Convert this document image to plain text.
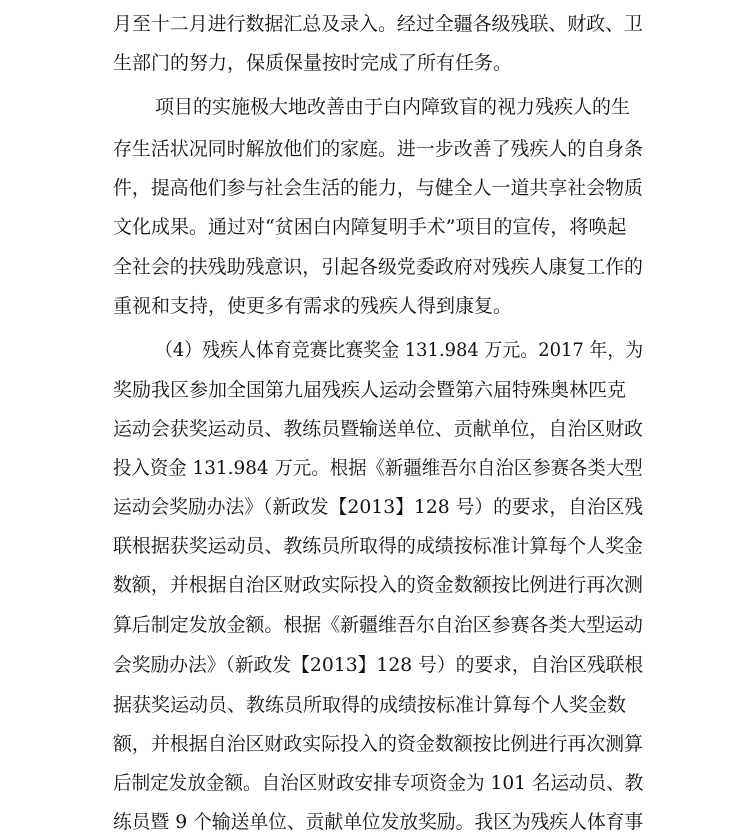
月至十二月进行数据汇总及录入。经过全疆各级残联、财政、卫
生部门的努力，保质保量按时完成了所有任务。
项目的实施极大地改善由于白内障致盲的视力残疾人的生
存生活状况同时解放他们的家庭。进一步改善了残疾人的自身条
件，提高他们参与社会生活的能力，与健全人一道共享社会物质
文化成果。通过对“贫困白内障复明手术”项目的宣传，将唤起
全社会的扶残助残意识，引起各级党委政府对残疾人康复工作的
重视和支持，使更多有需求的残疾人得到康复。
（4）残疾人体育竞赛比赛奖金 131.984 万元。2017 年，为
奖励我区参加全国第九届残疾人运动会暨第六届特殊奥林匹克
运动会获奖运动员、教练员暨输送单位、贡献单位，自治区财政
投入资金 131.984 万元。根据《新疆维吾尔自治区参赛各类大型
运动会奖励办法》（新政发【2013】128 号）的要求，自治区残
联根据获奖运动员、教练员所取得的成绩按标准计算每个人奖金
数额，并根据自治区财政实际投入的资金数额按比例进行再次测
算后制定发放金额。根据《新疆维吾尔自治区参赛各类大型运动
会奖励办法》（新政发【2013】128 号）的要求，自治区残联根
据获奖运动员、教练员所取得的成绩按标准计算每个人奖金数
额，并根据自治区财政实际投入的资金数额按比例进行再次测算
后制定发放金额。自治区财政安排专项资金为 101 名运动员、教
练员暨 9 个输送单位、贡献单位发放奖励。我区为残疾人体育事
